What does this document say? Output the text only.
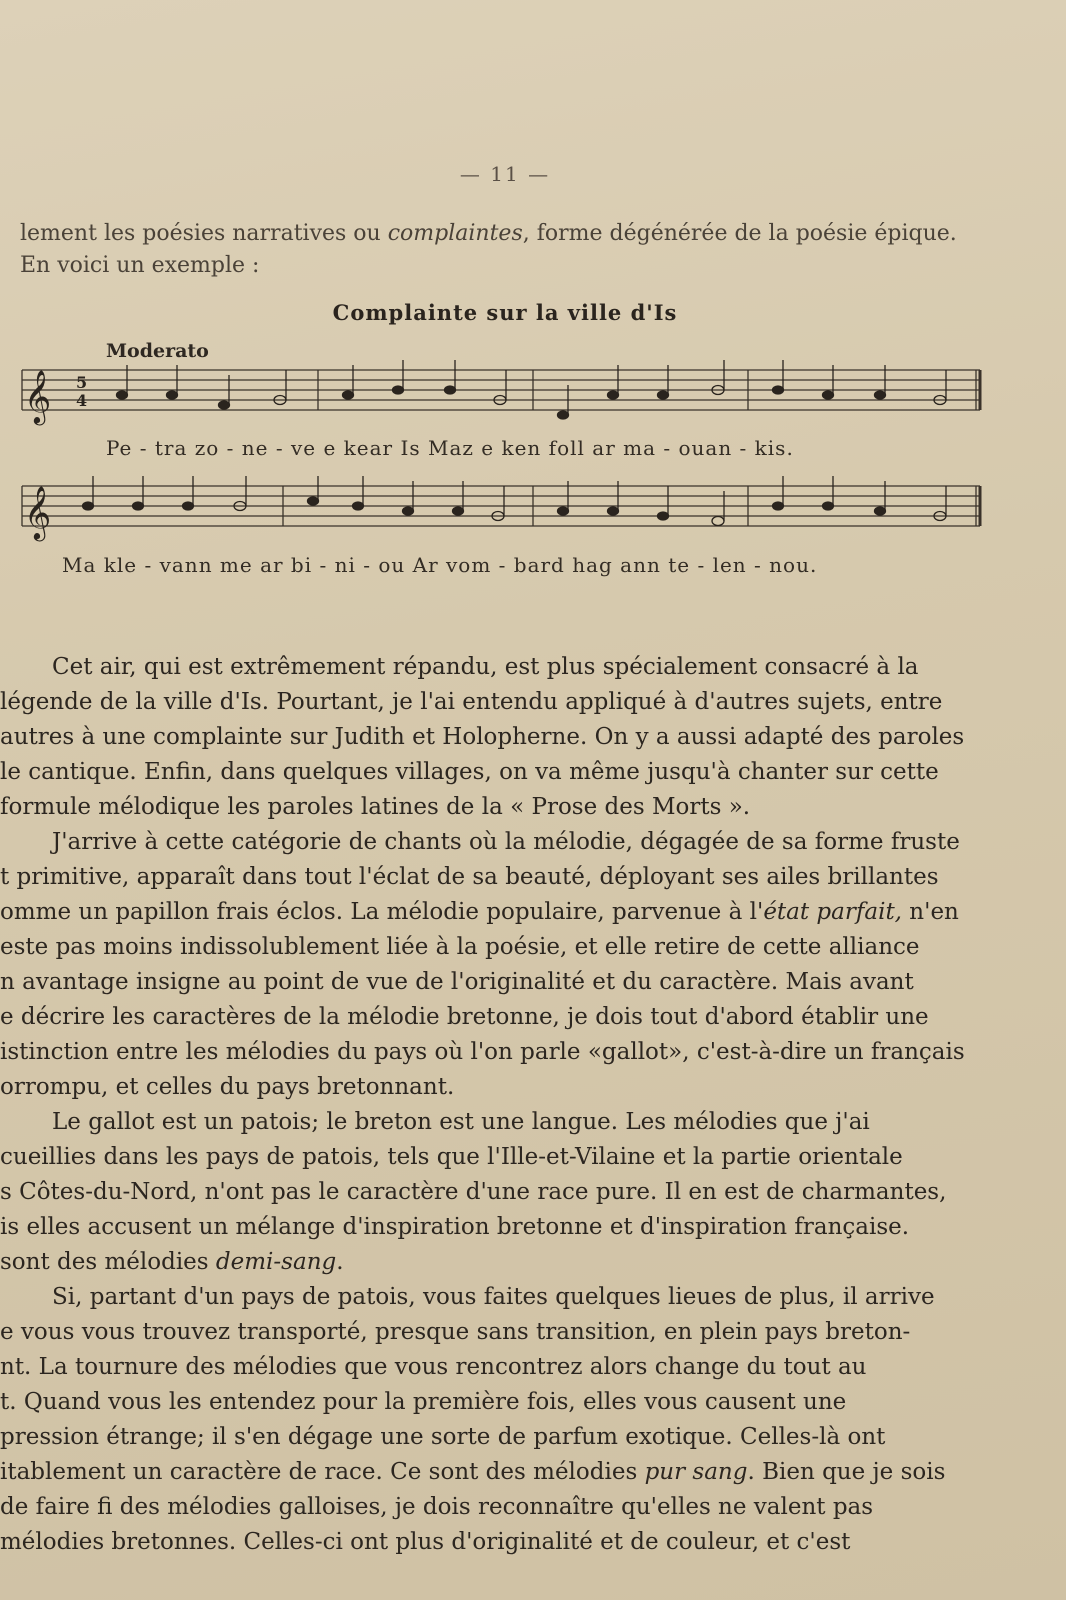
— 11 —
lement les poésies narratives ou complaintes, forme dégénérée de la poésie épique.
En voici un exemple :
Complainte sur la ville d'Is
Moderato
𝄞 5
4
Pe - tra zo - ne - ve e kear Is Maz e ken foll ar ma - ouan - kis.
𝄞
Ma kle - vann me ar bi - ni - ou Ar vom - bard hag ann te - len - nou.

Cet air, qui est extrêmement répandu, est plus spécialement consacré à la

légende de la ville d'Is. Pourtant, je l'ai entendu appliqué à d'autres sujets, entre

autres à une complainte sur Judith et Holopherne. On y a aussi adapté des paroles

le cantique. Enfin, dans quelques villages, on va même jusqu'à chanter sur cette

formule mélodique les paroles latines de la « Prose des Morts ».

J'arrive à cette catégorie de chants où la mélodie, dégagée de sa forme fruste

t primitive, apparaît dans tout l'éclat de sa beauté, déployant ses ailes brillantes

omme un papillon frais éclos. La mélodie populaire, parvenue à l'état parfait, n'en

este pas moins indissolublement liée à la poésie, et elle retire de cette alliance

n avantage insigne au point de vue de l'originalité et du caractère. Mais avant

e décrire les caractères de la mélodie bretonne, je dois tout d'abord établir une

istinction entre les mélodies du pays où l'on parle «gallot», c'est-à-dire un français

orrompu, et celles du pays bretonnant.

Le gallot est un patois; le breton est une langue. Les mélodies que j'ai

cueillies dans les pays de patois, tels que l'Ille-et-Vilaine et la partie orientale

s Côtes-du-Nord, n'ont pas le caractère d'une race pure. Il en est de charmantes,

is elles accusent un mélange d'inspiration bretonne et d'inspiration française.

sont des mélodies demi-sang.

Si, partant d'un pays de patois, vous faites quelques lieues de plus, il arrive

e vous vous trouvez transporté, presque sans transition, en plein pays breton-

nt. La tournure des mélodies que vous rencontrez alors change du tout au

t. Quand vous les entendez pour la première fois, elles vous causent une

pression étrange; il s'en dégage une sorte de parfum exotique. Celles-là ont

itablement un caractère de race. Ce sont des mélodies pur sang. Bien que je sois

de faire fi des mélodies galloises, je dois reconnaître qu'elles ne valent pas

mélodies bretonnes. Celles-ci ont plus d'originalité et de couleur, et c'est
